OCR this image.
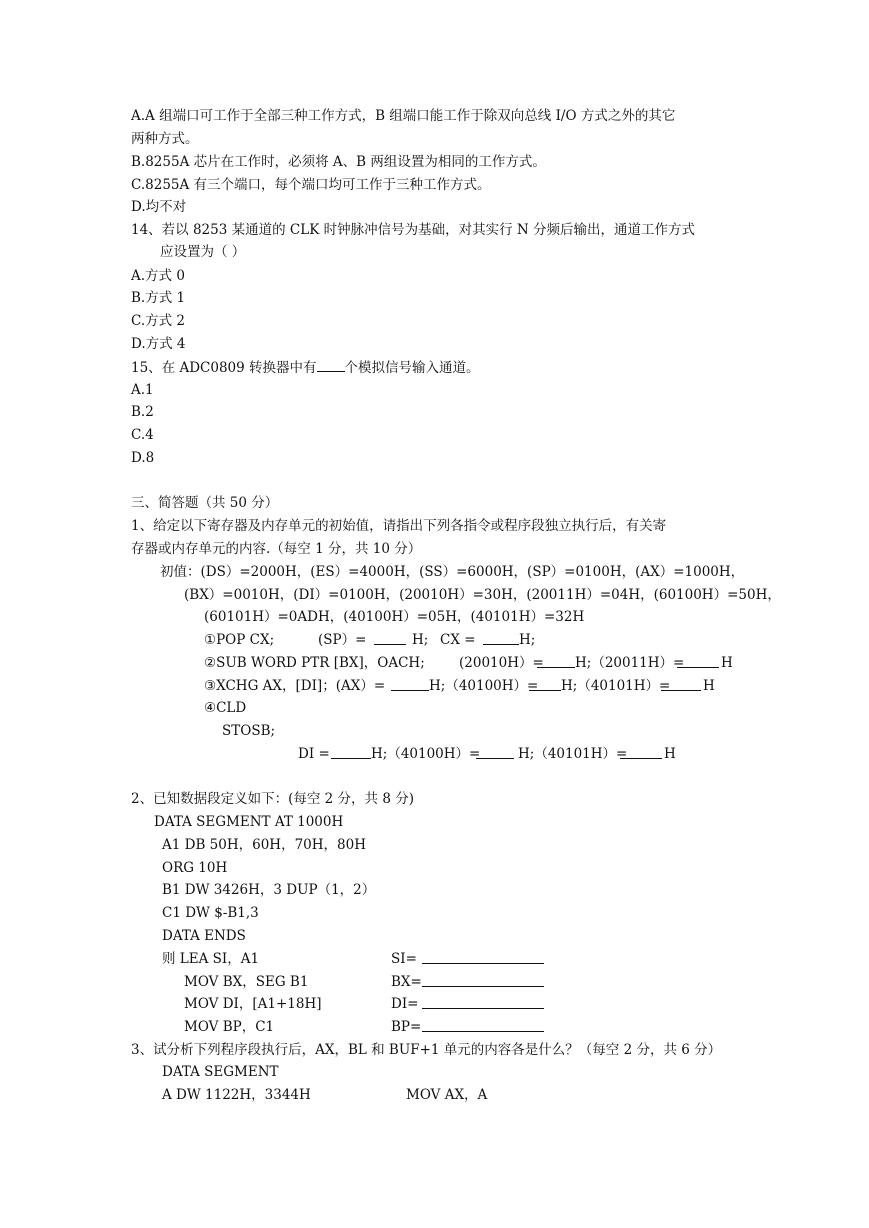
A.A 组端口可工作于全部三种工作方式，B 组端口能工作于除双向总线 I/O 方式之外的其它
两种方式。
B.8255A 芯片在工作时，必须将 A、B 两组设置为相同的工作方式。
C.8255A 有三个端口，每个端口均可工作于三种工作方式。
D.均不对
14、若以 8253 某通道的 CLK 时钟脉冲信号为基础，对其实行 N 分频后输出，通道工作方式
应设置为（ ）
A.方式 0
B.方式 1
C.方式 2
D.方式 4
15、在 ADC0809 转换器中有 个模拟信号输入通道。
A.1
B.2
C.4
D.8
三、简答题（共 50 分）
1、给定以下寄存器及内存单元的初始值，请指出下列各指令或程序段独立执行后，有关寄
存器或内存单元的内容.（每空 1 分，共 10 分）
初值：(DS）=2000H，(ES）=4000H，(SS）=6000H，(SP）=0100H，(AX）=1000H，
(BX）=0010H，(DI）=0100H，(20010H）=30H，(20011H）=04H，(60100H）=50H，
(60101H）=0ADH，(40100H）=05H，(40101H）=32H
①POP CX;	(SP）=	H; CX =	H;
②SUB WORD PTR [BX]，OACH;	(20010H）= H;（20011H）=	H
③XCHG AX，[DI]；(AX）=	H;（40100H）= H;（40101H）= H
④CLD
STOSB;
DI =	H;（40100H）=	H;（40101H）=	H
2、已知数据段定义如下：(每空 2 分，共 8 分)
DATA SEGMENT AT 1000H
A1 DB 50H，60H，70H，80H
ORG 10H
B1 DW 3426H，3 DUP（1，2）
C1 DW $-B1,3
DATA ENDS
则 LEA SI，A1	SI=
MOV BX，SEG B1	BX=
MOV DI，[A1+18H]	DI=
MOV BP，C1	BP=
3、试分析下列程序段执行后，AX，BL 和 BUF+1 单元的内容各是什么？（每空 2 分，共 6 分）
DATA SEGMENT
A DW 1122H，3344H	MOV AX，A
